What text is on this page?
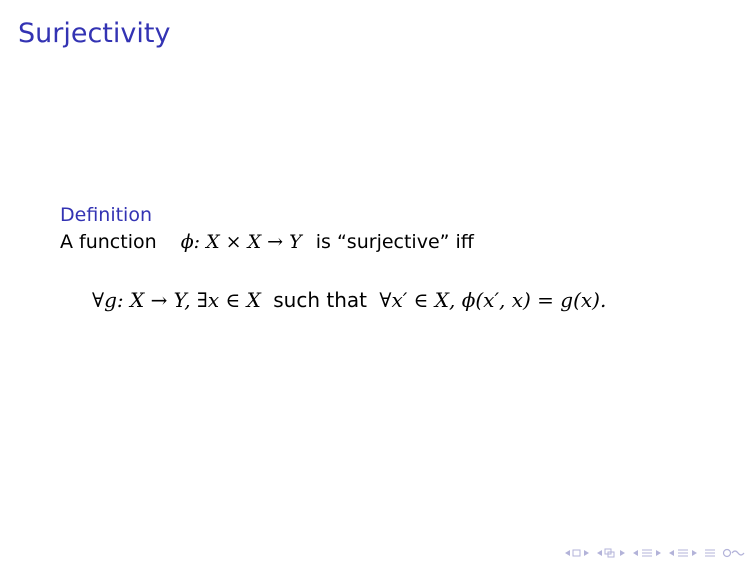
Surjectivity
Definition
A function ϕ: X × X → Y is “surjective” iff
∀g: X → Y, ∃x ∈ X such that ∀x′ ∈ X, ϕ(x′, x) = g(x).
